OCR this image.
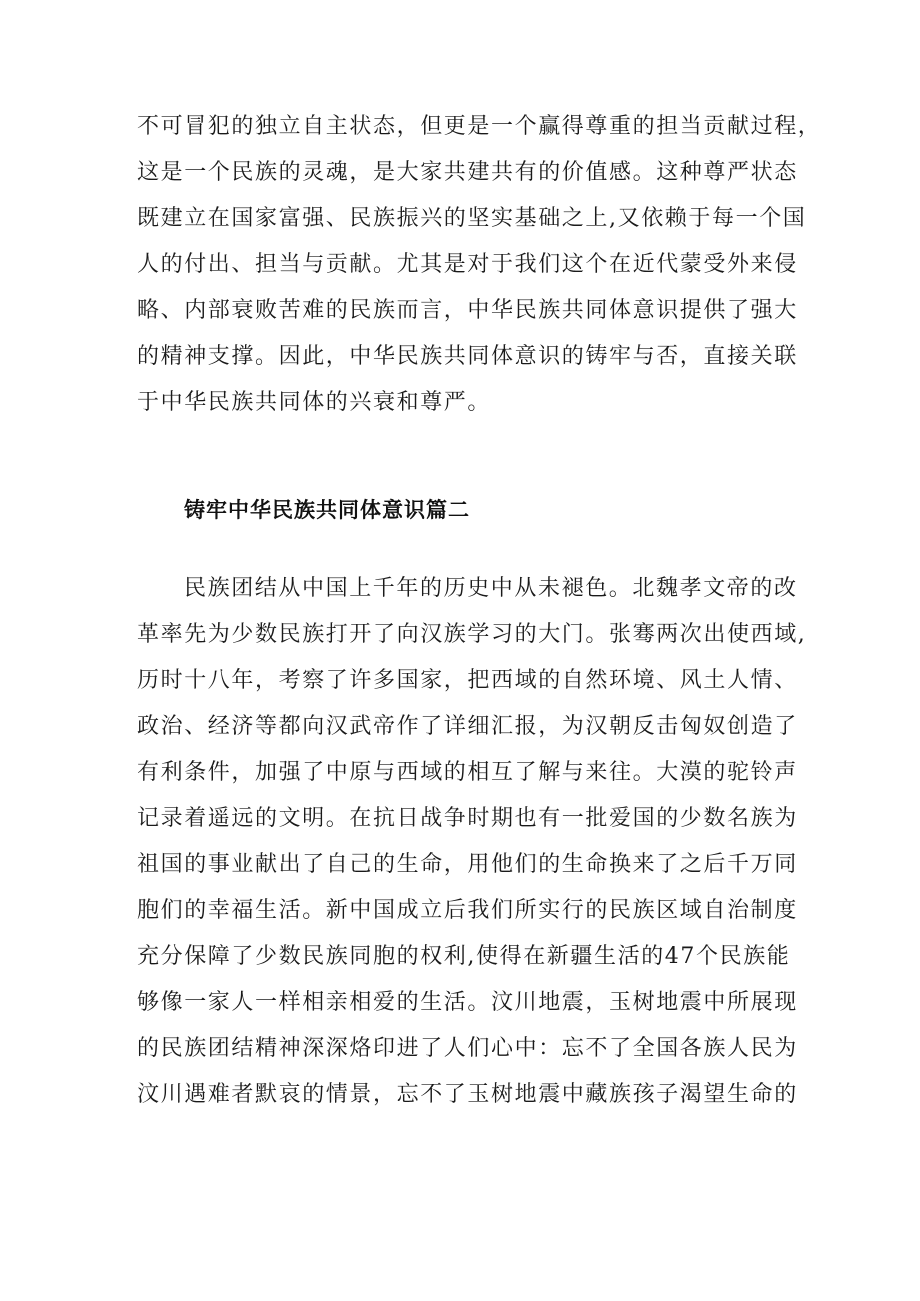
不可冒犯的独立自主状态，但更是一个赢得尊重的担当贡献过程，
这是一个民族的灵魂，是大家共建共有的价值感。这种尊严状态
既建立在国家富强、民族振兴的坚实基础之上,又依赖于每一个国
人的付出、担当与贡献。尤其是对于我们这个在近代蒙受外来侵
略、内部衰败苦难的民族而言，中华民族共同体意识提供了强大
的精神支撑。因此，中华民族共同体意识的铸牢与否，直接关联
于中华民族共同体的兴衰和尊严。
铸牢中华民族共同体意识篇二
民族团结从中国上千年的历史中从未褪色。北魏孝文帝的改
革率先为少数民族打开了向汉族学习的大门。张骞两次出使西域,
历时十八年，考察了许多国家，把西域的自然环境、风土人情、
政治、经济等都向汉武帝作了详细汇报，为汉朝反击匈奴创造了
有利条件，加强了中原与西域的相互了解与来往。大漠的驼铃声
记录着遥远的文明。在抗日战争时期也有一批爱国的少数名族为
祖国的事业献出了自己的生命，用他们的生命换来了之后千万同
胞们的幸福生活。新中国成立后我们所实行的民族区域自治制度
充分保障了少数民族同胞的权利,使得在新疆生活的47个民族能
够像一家人一样相亲相爱的生活。汶川地震，玉树地震中所展现
的民族团结精神深深烙印进了人们心中：忘不了全国各族人民为
汶川遇难者默哀的情景，忘不了玉树地震中藏族孩子渴望生命的
